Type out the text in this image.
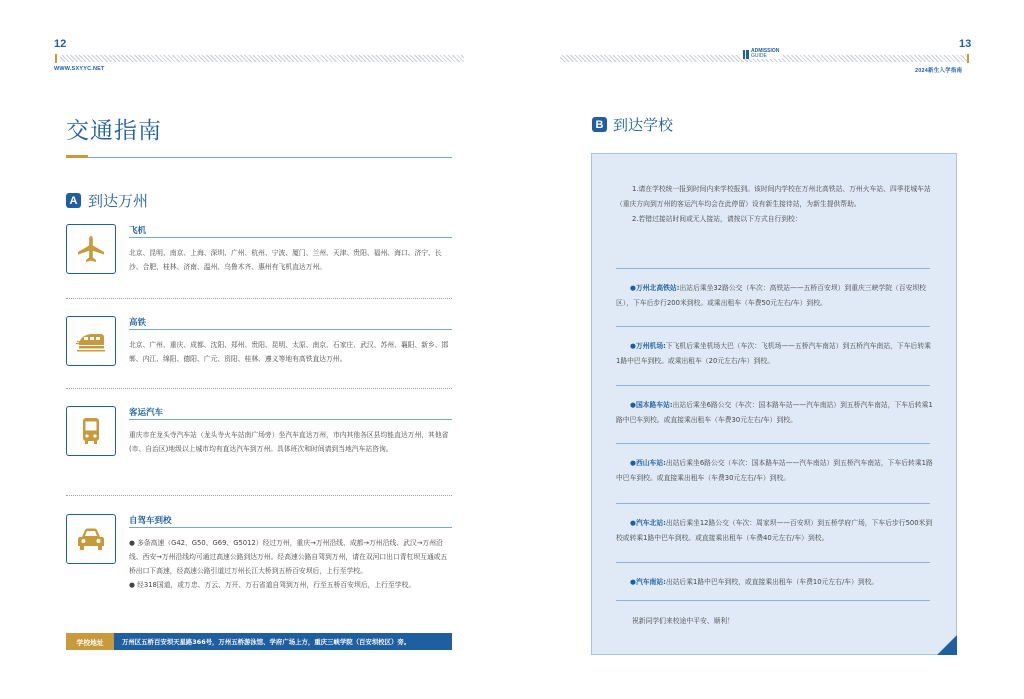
12
WWW.SXYYC.NET
交通指南
A 到达万州
飞机

北京、昆明、南京、上海、深圳、广州、杭州、宁波、厦门、兰州、天津、贵阳、福州、海口、济宁、长沙、合肥、桂林、济南、温州、乌鲁木齐、惠州有飞机直达万州。

高铁

北京、广州、重庆、成都、沈阳、郑州、贵阳、昆明、太原、南京、石家庄、武汉、苏州、襄阳、新乡、邯郸、内江、绵阳、德阳、广元、资阳、桂林、遵义等地有高铁直达万州。

客运汽车

重庆市在龙头寺汽车站（龙头寺火车站南广场旁）坐汽车直达万州，市内其他各区县均能直达万州，其他省(市、自治区)地级以上城市均有直达汽车到万州。具体班次和时间请到当地汽车站咨询。

自驾车到校

● 多条高速（G42、G50、G69、G5012）经过万州，重庆→万州沿线、成都→万州沿线、武汉→万州沿线、西安→万州沿线均可通过高速公路到达万州。经高速公路自驾到万州，请在双河口出口青杠坝互通或五桥出口下高速，经高速公路引道过万州长江大桥到五桥百安坝后，上行至学校。

● 经318国道，或万忠、万云、万开、万石省道自驾到万州，行至五桥百安坝后，上行至学校。

学校地址	万州区五桥百安坝天星路366号，万州五桥游泳馆、学府广场上方，重庆三峡学院（百安坝校区）旁。
ADMISSION
GUIDE
13
2024新生入学指南
B 到达学校

1.请在学校统一报到时间内来学校报到。该时间内学校在万州北高铁站、万州火车站、四季花城车站（重庆方向到万州的客运汽车均会在此停留）设有新生接待站，为新生提供帮助。

2.若错过接站时间或无人接站，请按以下方式自行到校：

●万州北高铁站:出站后乘坐32路公交（车次：高铁站——五桥百安坝）到重庆三峡学院（百安坝校区），下车后步行200米到校。或乘出租车（车费50元左右/车）到校。
●万州机场:下飞机后乘坐机场大巴（车次：飞机场——五桥汽车南站）到五桥汽车南站，下车后转乘1路中巴车到校。或乘出租车（20元左右/车）到校。
●国本路车站:出站后乘坐6路公交（车次：国本路车站——汽车南站）到五桥汽车南站，下车后转乘1路中巴车到校。或直接乘出租车（车费30元左右/车）到校。
●西山车站:出站后乘坐6路公交（车次：国本路车站——汽车南站）到五桥汽车南站，下车后转乘1路中巴车到校。或直接乘出租车（车费30元左右/车）到校。
●汽车北站:出站后乘坐12路公交（车次：周家坝——百安坝）到五桥学府广场，下车后步行500米到校或转乘1路中巴车到校。或直接乘出租车（车费40元左右/车）到校。
●汽车南站:出站后乘1路中巴车到校，或直接乘出租车（车费10元左右/车）到校。
祝新同学们来校途中平安、顺利！
